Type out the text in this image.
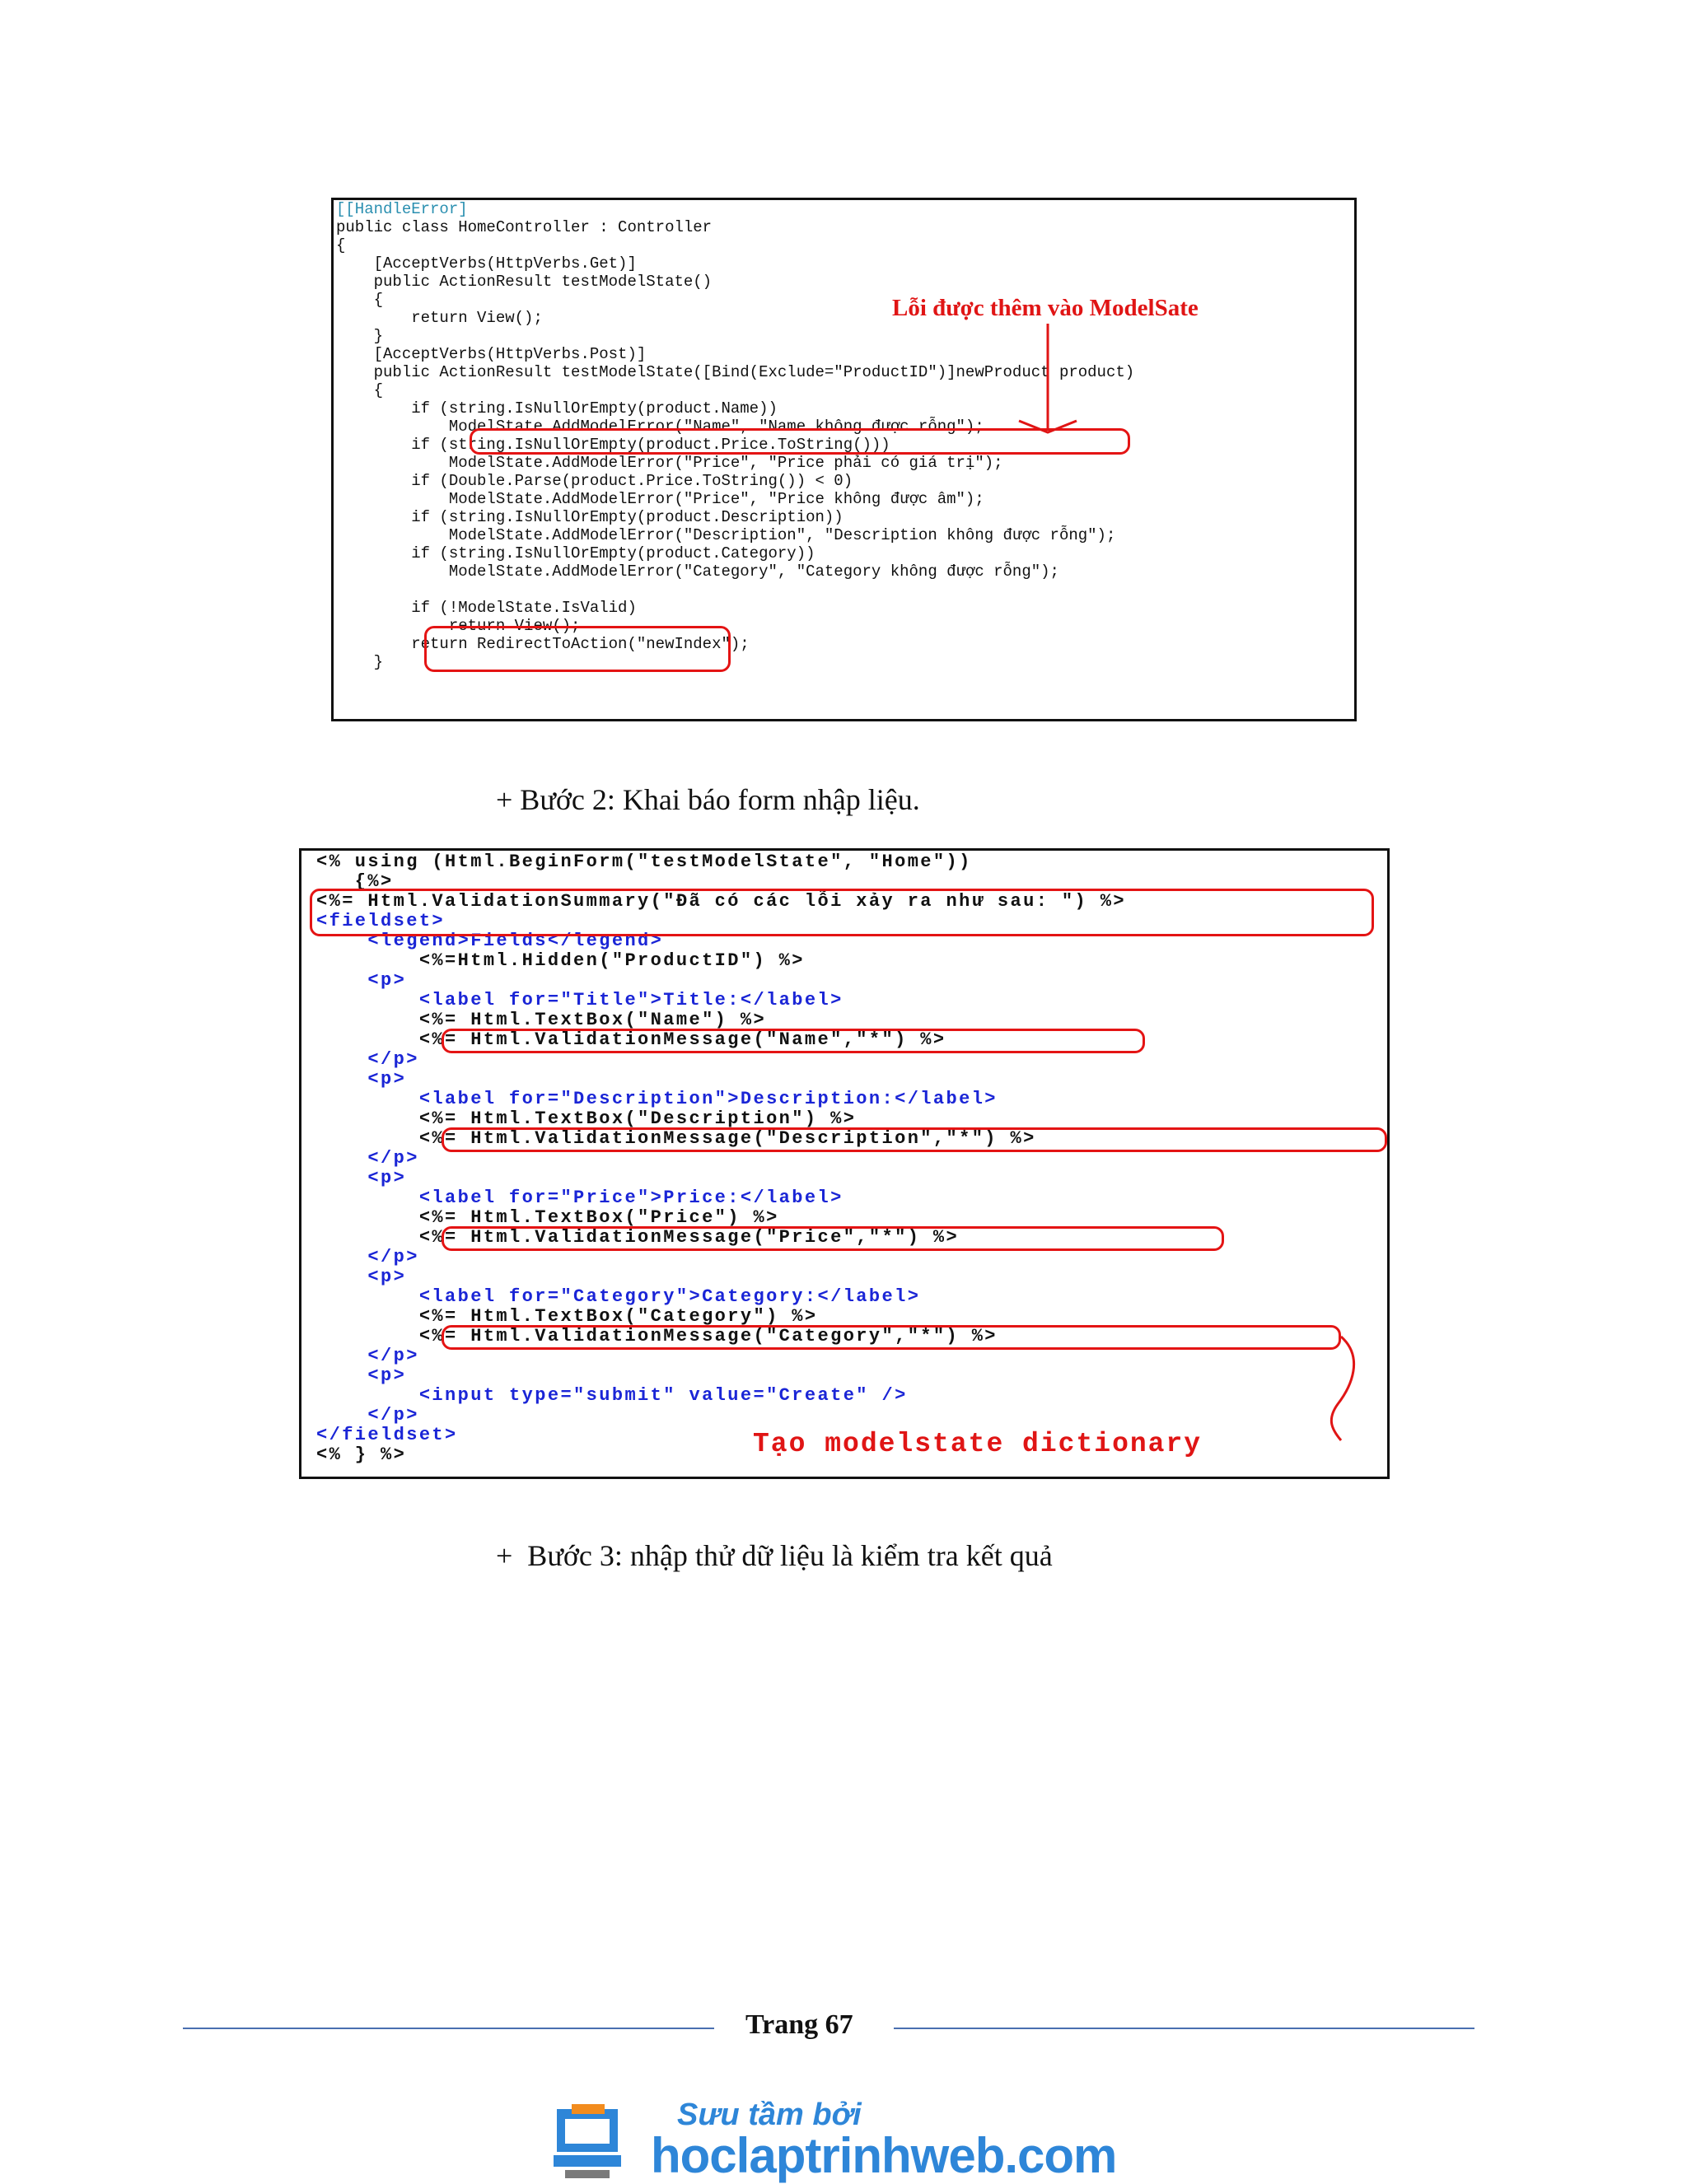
[[HandleError]
public class HomeController : Controller
{
[AcceptVerbs(HttpVerbs.Get)]
public ActionResult testModelState()
{
return View();
}
[AcceptVerbs(HttpVerbs.Post)]
public ActionResult testModelState([Bind(Exclude="ProductID")]newProduct product)
{
if (string.IsNullOrEmpty(product.Name))
ModelState.AddModelError("Name", "Name không được rỗng");
if (string.IsNullOrEmpty(product.Price.ToString()))
ModelState.AddModelError("Price", "Price phải có giá trị");
if (Double.Parse(product.Price.ToString()) < 0)
ModelState.AddModelError("Price", "Price không được âm");
if (string.IsNullOrEmpty(product.Description))
ModelState.AddModelError("Description", "Description không được rỗng");
if (string.IsNullOrEmpty(product.Category))
ModelState.AddModelError("Category", "Category không được rỗng");
if (!ModelState.IsValid)
return View();
return RedirectToAction("newIndex");
}
Lỗi được thêm vào ModelSate
+ Bước 2: Khai báo form nhập liệu.
<% using (Html.BeginForm("testModelState", "Home"))
{%>
<%= Html.ValidationSummary("Đã có các lỗi xảy ra như sau: ") %>
<fieldset>
<legend>Fields</legend>
<%=Html.Hidden("ProductID") %>
<p>
<label for="Title">Title:</label>
<%= Html.TextBox("Name") %>
<%= Html.ValidationMessage("Name","*") %>
</p>
<p>
<label for="Description">Description:</label>
<%= Html.TextBox("Description") %>
<%= Html.ValidationMessage("Description","*") %>
</p>
<p>
<label for="Price">Price:</label>
<%= Html.TextBox("Price") %>
<%= Html.ValidationMessage("Price","*") %>
</p>
<p>
<label for="Category">Category:</label>
<%= Html.TextBox("Category") %>
<%= Html.ValidationMessage("Category","*") %>
</p>
<p>
<input type="submit" value="Create" />
</p>
</fieldset>
<% } %>	Tạo modelstate dictionary
+  Bước 3: nhập thử dữ liệu là kiểm tra kết quả
Trang 67
Sưu tầm bởi
hoclaptrinhweb.com
